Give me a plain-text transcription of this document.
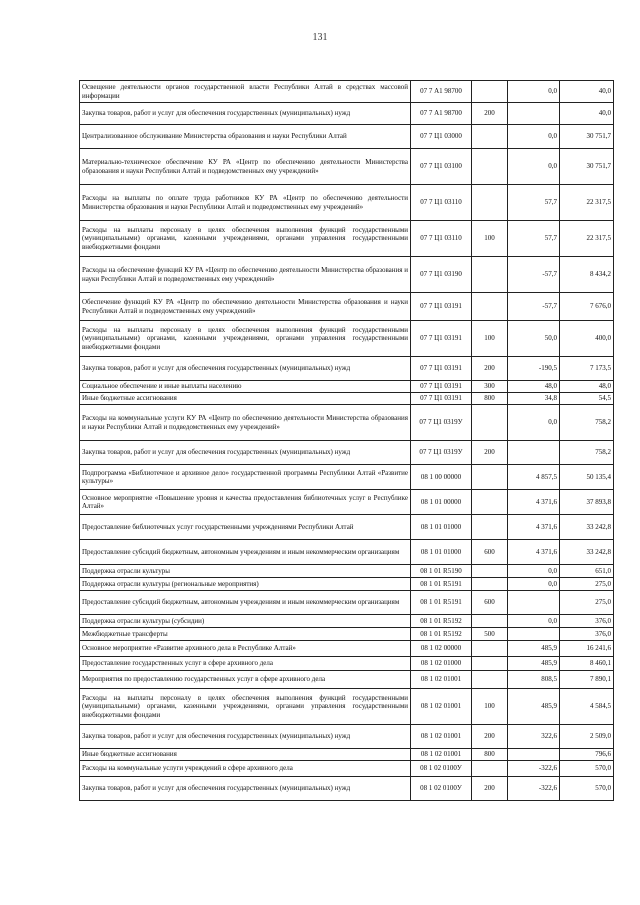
131
Освещение деятельности органов государственной власти Республики Алтай в средствах массовой информации	07 7 А1 98700		0,0	40,0
Закупка товаров, работ и услуг для обеспечения государственных (муниципальных) нужд	07 7 А1 98700	200		40,0
Централизованное обслуживание Министерства образования и науки Республики Алтай	07 7 Ц1 03000		0,0	30 751,7
Материально-техническое обеспечение КУ РА «Центр по обеспечению деятельности Министерства образования и науки Республики Алтай и подведомственных ему учреждений»	07 7 Ц1 03100		0,0	30 751,7
Расходы на выплаты по оплате труда работников КУ РА «Центр по обеспечению деятельности Министерства образования и науки Республики Алтай и подведомственных ему учреждений»	07 7 Ц1 03110		57,7	22 317,5
Расходы на выплаты персоналу в целях обеспечения выполнения функций государственными (муниципальными) органами, казенными учреждениями, органами управления государственными внебюджетными фондами	07 7 Ц1 03110	100	57,7	22 317,5
Расходы на обеспечение функций КУ РА «Центр по обеспечению деятельности Министерства образования и науки Республики Алтай и подведомственных ему учреждений»	07 7 Ц1 03190		-57,7	8 434,2
Обеспечение функций КУ РА «Центр по обеспечению деятельности Министерства образования и науки Республики Алтай и подведомственных ему учреждений»	07 7 Ц1 03191		-57,7	7 676,0
Расходы на выплаты персоналу в целях обеспечения выполнения функций государственными (муниципальными) органами, казенными учреждениями, органами управления государственными внебюджетными фондами	07 7 Ц1 03191	100	50,0	400,0
Закупка товаров, работ и услуг для обеспечения государственных (муниципальных) нужд	07 7 Ц1 03191	200	-190,5	7 173,5
Социальное обеспечение и иные выплаты населению	07 7 Ц1 03191	300	48,0	48,0
Иные бюджетные ассигнования	07 7 Ц1 03191	800	34,8	54,5
Расходы на коммунальные услуги КУ РА «Центр по обеспечению деятельности Министерства образования и науки Республики Алтай и подведомственных ему учреждений»	07 7 Ц1 0319У		0,0	758,2
Закупка товаров, работ и услуг для обеспечения государственных (муниципальных) нужд	07 7 Ц1 0319У	200		758,2
Подпрограмма «Библиотечное и архивное дело» государственной программы Республики Алтай «Развитие культуры»	08 1 00 00000		4 857,5	50 135,4
Основное мероприятие «Повышение уровня и качества предоставления библиотечных услуг в Республике Алтай»	08 1 01 00000		4 371,6	37 893,8
Предоставление библиотечных услуг государственными учреждениями Республики Алтай	08 1 01 01000		4 371,6	33 242,8
Предоставление субсидий бюджетным, автономным учреждениям и иным некоммерческим организациям	08 1 01 01000	600	4 371,6	33 242,8
Поддержка отрасли культуры	08 1 01 R5190		0,0	651,0
Поддержка отрасли культуры (региональные мероприятия)	08 1 01 R5191		0,0	275,0
Предоставление субсидий бюджетным, автономным учреждениям и иным некоммерческим организациям	08 1 01 R5191	600		275,0
Поддержка отрасли культуры (субсидии)	08 1 01 R5192		0,0	376,0
Межбюджетные трансферты	08 1 01 R5192	500		376,0
Основное мероприятие «Развитие архивного дела в Республике Алтай»	08 1 02 00000		485,9	16 241,6
Предоставление государственных услуг в сфере архивного дела	08 1 02 01000		485,9	8 460,1
Мероприятия по предоставлению государственных услуг в сфере архивного дела	08 1 02 01001		808,5	7 890,1
Расходы на выплаты персоналу в целях обеспечения выполнения функций государственными (муниципальными) органами, казенными учреждениями, органами управления государственными внебюджетными фондами	08 1 02 01001	100	485,9	4 584,5
Закупка товаров, работ и услуг для обеспечения государственных (муниципальных) нужд	08 1 02 01001	200	322,6	2 509,0
Иные бюджетные ассигнования	08 1 02 01001	800		796,6
Расходы на коммунальные услуги учреждений в сфере архивного дела	08 1 02 0100У		-322,6	570,0
Закупка товаров, работ и услуг для обеспечения государственных (муниципальных) нужд	08 1 02 0100У	200	-322,6	570,0
